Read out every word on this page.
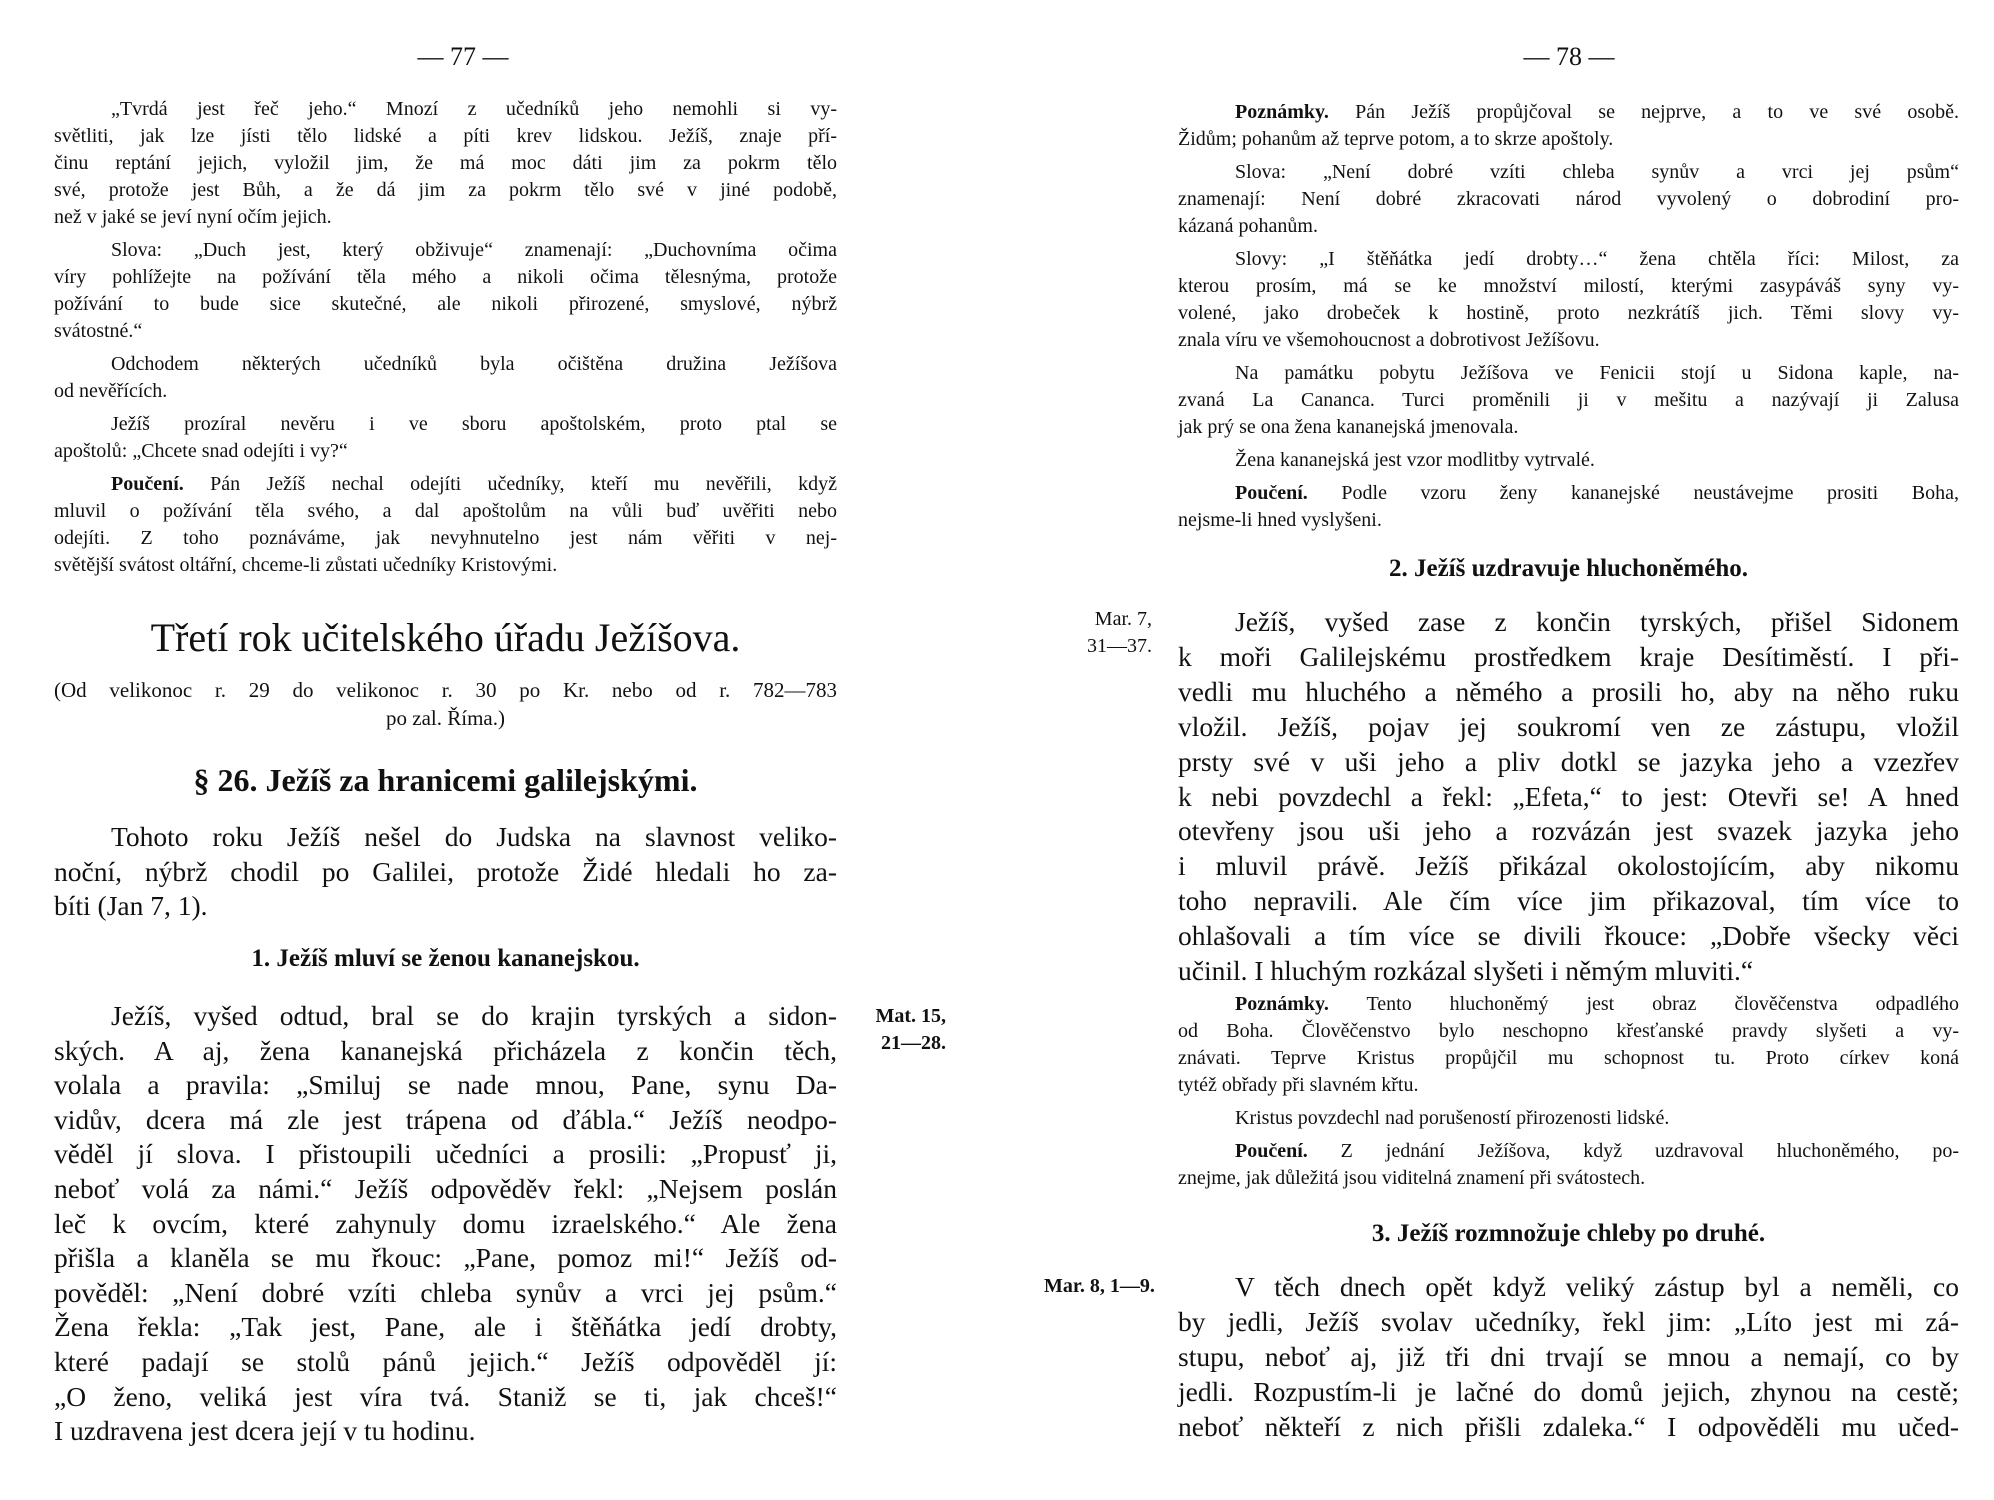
— 77 —
„Tvrdá jest řeč jeho.“ Mnozí z učedníků jeho nemohli si vy-
světliti, jak lze jísti tělo lidské a píti krev lidskou. Ježíš, znaje pří-
činu reptání jejich, vyložil jim, že má moc dáti jim za pokrm tělo
své, protože jest Bůh, a že dá jim za pokrm tělo své v jiné podobě,
než v jaké se jeví nyní očím jejich.
Slova: „Duch jest, který obživuje“ znamenají: „Duchovníma očima
víry pohlížejte na požívání těla mého a nikoli očima tělesnýma, protože
požívání to bude sice skutečné, ale nikoli přirozené, smyslové, nýbrž
svátostné.“
Odchodem některých učedníků byla očištěna družina Ježíšova
od nevěřících.
Ježíš prozíral nevěru i ve sboru apoštolském, proto ptal se
apoštolů: „Chcete snad odejíti i vy?“
Poučení. Pán Ježíš nechal odejíti učedníky, kteří mu nevěřili, když
mluvil o požívání těla svého, a dal apoštolům na vůli buď uvěřiti nebo
odejíti. Z toho poznáváme, jak nevyhnutelno jest nám věřiti v nej-
světější svátost oltářní, chceme-li zůstati učedníky Kristovými.
Třetí rok učitelského úřadu Ježíšova.
(Od velikonoc r. 29 do velikonoc r. 30 po Kr. nebo od r. 782—783
po zal. Říma.)
§ 26. Ježíš za hranicemi galilejskými.
Tohoto roku Ježíš nešel do Judska na slavnost veliko-
noční, nýbrž chodil po Galilei, protože Židé hledali ho za-
bíti (Jan 7, 1).
1. Ježíš mluví se ženou kananejskou.
Ježíš, vyšed odtud, bral se do krajin tyrských a sidon-
ských. A aj, žena kananejská přicházela z končin těch,
volala a pravila: „Smiluj se nade mnou, Pane, synu Da-
vidův, dcera má zle jest trápena od ďábla.“ Ježíš neodpo-
věděl jí slova. I přistoupili učedníci a prosili: „Propusť ji,
neboť volá za námi.“ Ježíš odpověděv řekl: „Nejsem poslán
leč k ovcím, které zahynuly domu izraelského.“ Ale žena
přišla a klaněla se mu řkouc: „Pane, pomoz mi!“ Ježíš od-
pověděl: „Není dobré vzíti chleba synův a vrci jej psům.“
Žena řekla: „Tak jest, Pane, ale i štěňátka jedí drobty,
které padají se stolů pánů jejich.“ Ježíš odpověděl jí:
„O ženo, veliká jest víra tvá. Staniž se ti, jak chceš!“
I uzdravena jest dcera její v tu hodinu.
Mat. 15,
21—28.
— 78 —
Poznámky. Pán Ježíš propůjčoval se nejprve, a to ve své osobě.
Židům; pohanům až teprve potom, a to skrze apoštoly.
Slova: „Není dobré vzíti chleba synův a vrci jej psům“
znamenají: Není dobré zkracovati národ vyvolený o dobrodiní pro-
kázaná pohanům.
Slovy: „I štěňátka jedí drobty…“ žena chtěla říci: Milost, za
kterou prosím, má se ke množství milostí, kterými zasypáváš syny vy-
volené, jako drobeček k hostině, proto nezkrátíš jich. Těmi slovy vy-
znala víru ve všemohoucnost a dobrotivost Ježíšovu.
Na památku pobytu Ježíšova ve Fenicii stojí u Sidona kaple, na-
zvaná La Cananca. Turci proměnili ji v mešitu a nazývají ji Zalusa
jak prý se ona žena kananejská jmenovala.
Žena kananejská jest vzor modlitby vytrvalé.
Poučení. Podle vzoru ženy kananejské neustávejme prositi Boha,
nejsme-li hned vyslyšeni.
2. Ježíš uzdravuje hluchoněmého.
Mar. 7,
31—37.
Ježíš, vyšed zase z končin tyrských, přišel Sidonem
k moři Galilejskému prostředkem kraje Desítiměstí. I při-
vedli mu hluchého a němého a prosili ho, aby na něho ruku
vložil. Ježíš, pojav jej soukromí ven ze zástupu, vložil
prsty své v uši jeho a pliv dotkl se jazyka jeho a vzezřev
k nebi povzdechl a řekl: „Efeta,“ to jest: Otevři se! A hned
otevřeny jsou uši jeho a rozvázán jest svazek jazyka jeho
i mluvil právě. Ježíš přikázal okolostojícím, aby nikomu
toho nepravili. Ale čím více jim přikazoval, tím více to
ohlašovali a tím více se divili řkouce: „Dobře všecky věci
učinil. I hluchým rozkázal slyšeti i němým mluviti.“
Poznámky. Tento hluchoněmý jest obraz člověčenstva odpadlého
od Boha. Člověčenstvo bylo neschopno křesťanské pravdy slyšeti a vy-
znávati. Teprve Kristus propůjčil mu schopnost tu. Proto církev koná
tytéž obřady při slavném křtu.
Kristus povzdechl nad porušeností přirozenosti lidské.
Poučení. Z jednání Ježíšova, když uzdravoval hluchoněmého, po-
znejme, jak důležitá jsou viditelná znamení při svátostech.
3. Ježíš rozmnožuje chleby po druhé.
Mar. 8, 1—9.	V těch dnech opět když veliký zástup byl a neměli, co
by jedli, Ježíš svolav učedníky, řekl jim: „Líto jest mi zá-
stupu, neboť aj, již tři dni trvají se mnou a nemají, co by
jedli. Rozpustím-li je lačné do domů jejich, zhynou na cestě;
neboť někteří z nich přišli zdaleka.“ I odpověděli mu učed-
